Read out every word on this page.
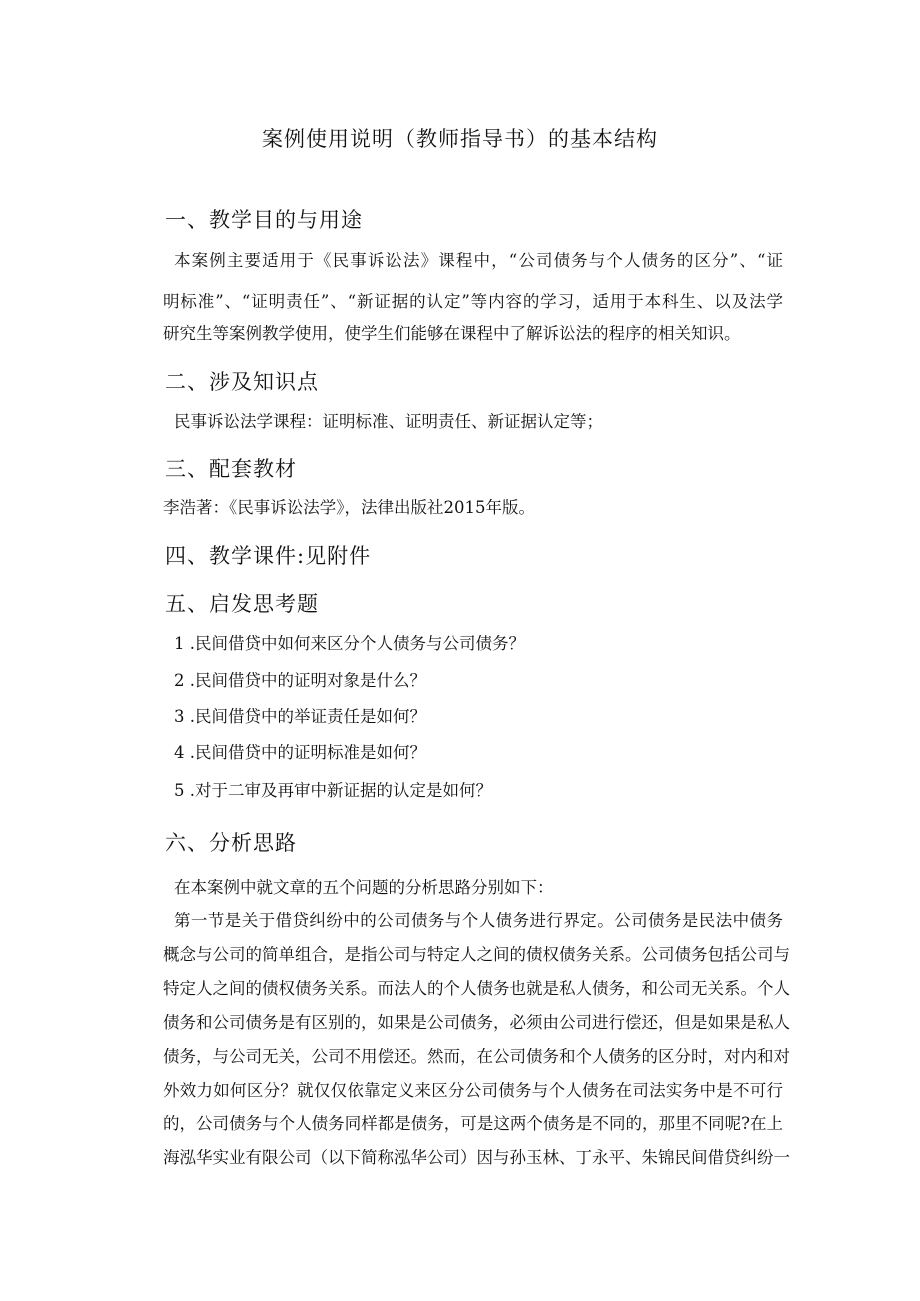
案例使用说明（教师指导书）的基本结构
一、教学目的与用途
本案例主要适用于《民事诉讼法》课程中，“公司债务与个人债务的区分”、“证
明标准”、“证明责任”、“新证据的认定”等内容的学习，适用于本科生、以及法学
研究生等案例教学使用，使学生们能够在课程中了解诉讼法的程序的相关知识。
二、涉及知识点
民事诉讼法学课程：证明标准、证明责任、新证据认定等；
三、配套教材
李浩著：《民事诉讼法学》，法律出版社2015年版。
四、教学课件:见附件
五、启发思考题
1 .民间借贷中如何来区分个人债务与公司债务？
2 .民间借贷中的证明对象是什么？
3 .民间借贷中的举证责任是如何？
4 .民间借贷中的证明标准是如何？
5 .对于二审及再审中新证据的认定是如何？
六、分析思路
在本案例中就文章的五个问题的分析思路分别如下：
第一节是关于借贷纠纷中的公司债务与个人债务进行界定。公司债务是民法中债务
概念与公司的简单组合，是指公司与特定人之间的债权债务关系。公司债务包括公司与
特定人之间的债权债务关系。而法人的个人债务也就是私人债务，和公司无关系。个人
债务和公司债务是有区别的，如果是公司债务，必须由公司进行偿还，但是如果是私人
债务，与公司无关，公司不用偿还。然而，在公司债务和个人债务的区分时，对内和对
外效力如何区分？就仅仅依靠定义来区分公司债务与个人债务在司法实务中是不可行
的，公司债务与个人债务同样都是债务，可是这两个债务是不同的，那里不同呢?在上
海泓华实业有限公司（以下简称泓华公司）因与孙玉林、丁永平、朱锦民间借贷纠纷一
